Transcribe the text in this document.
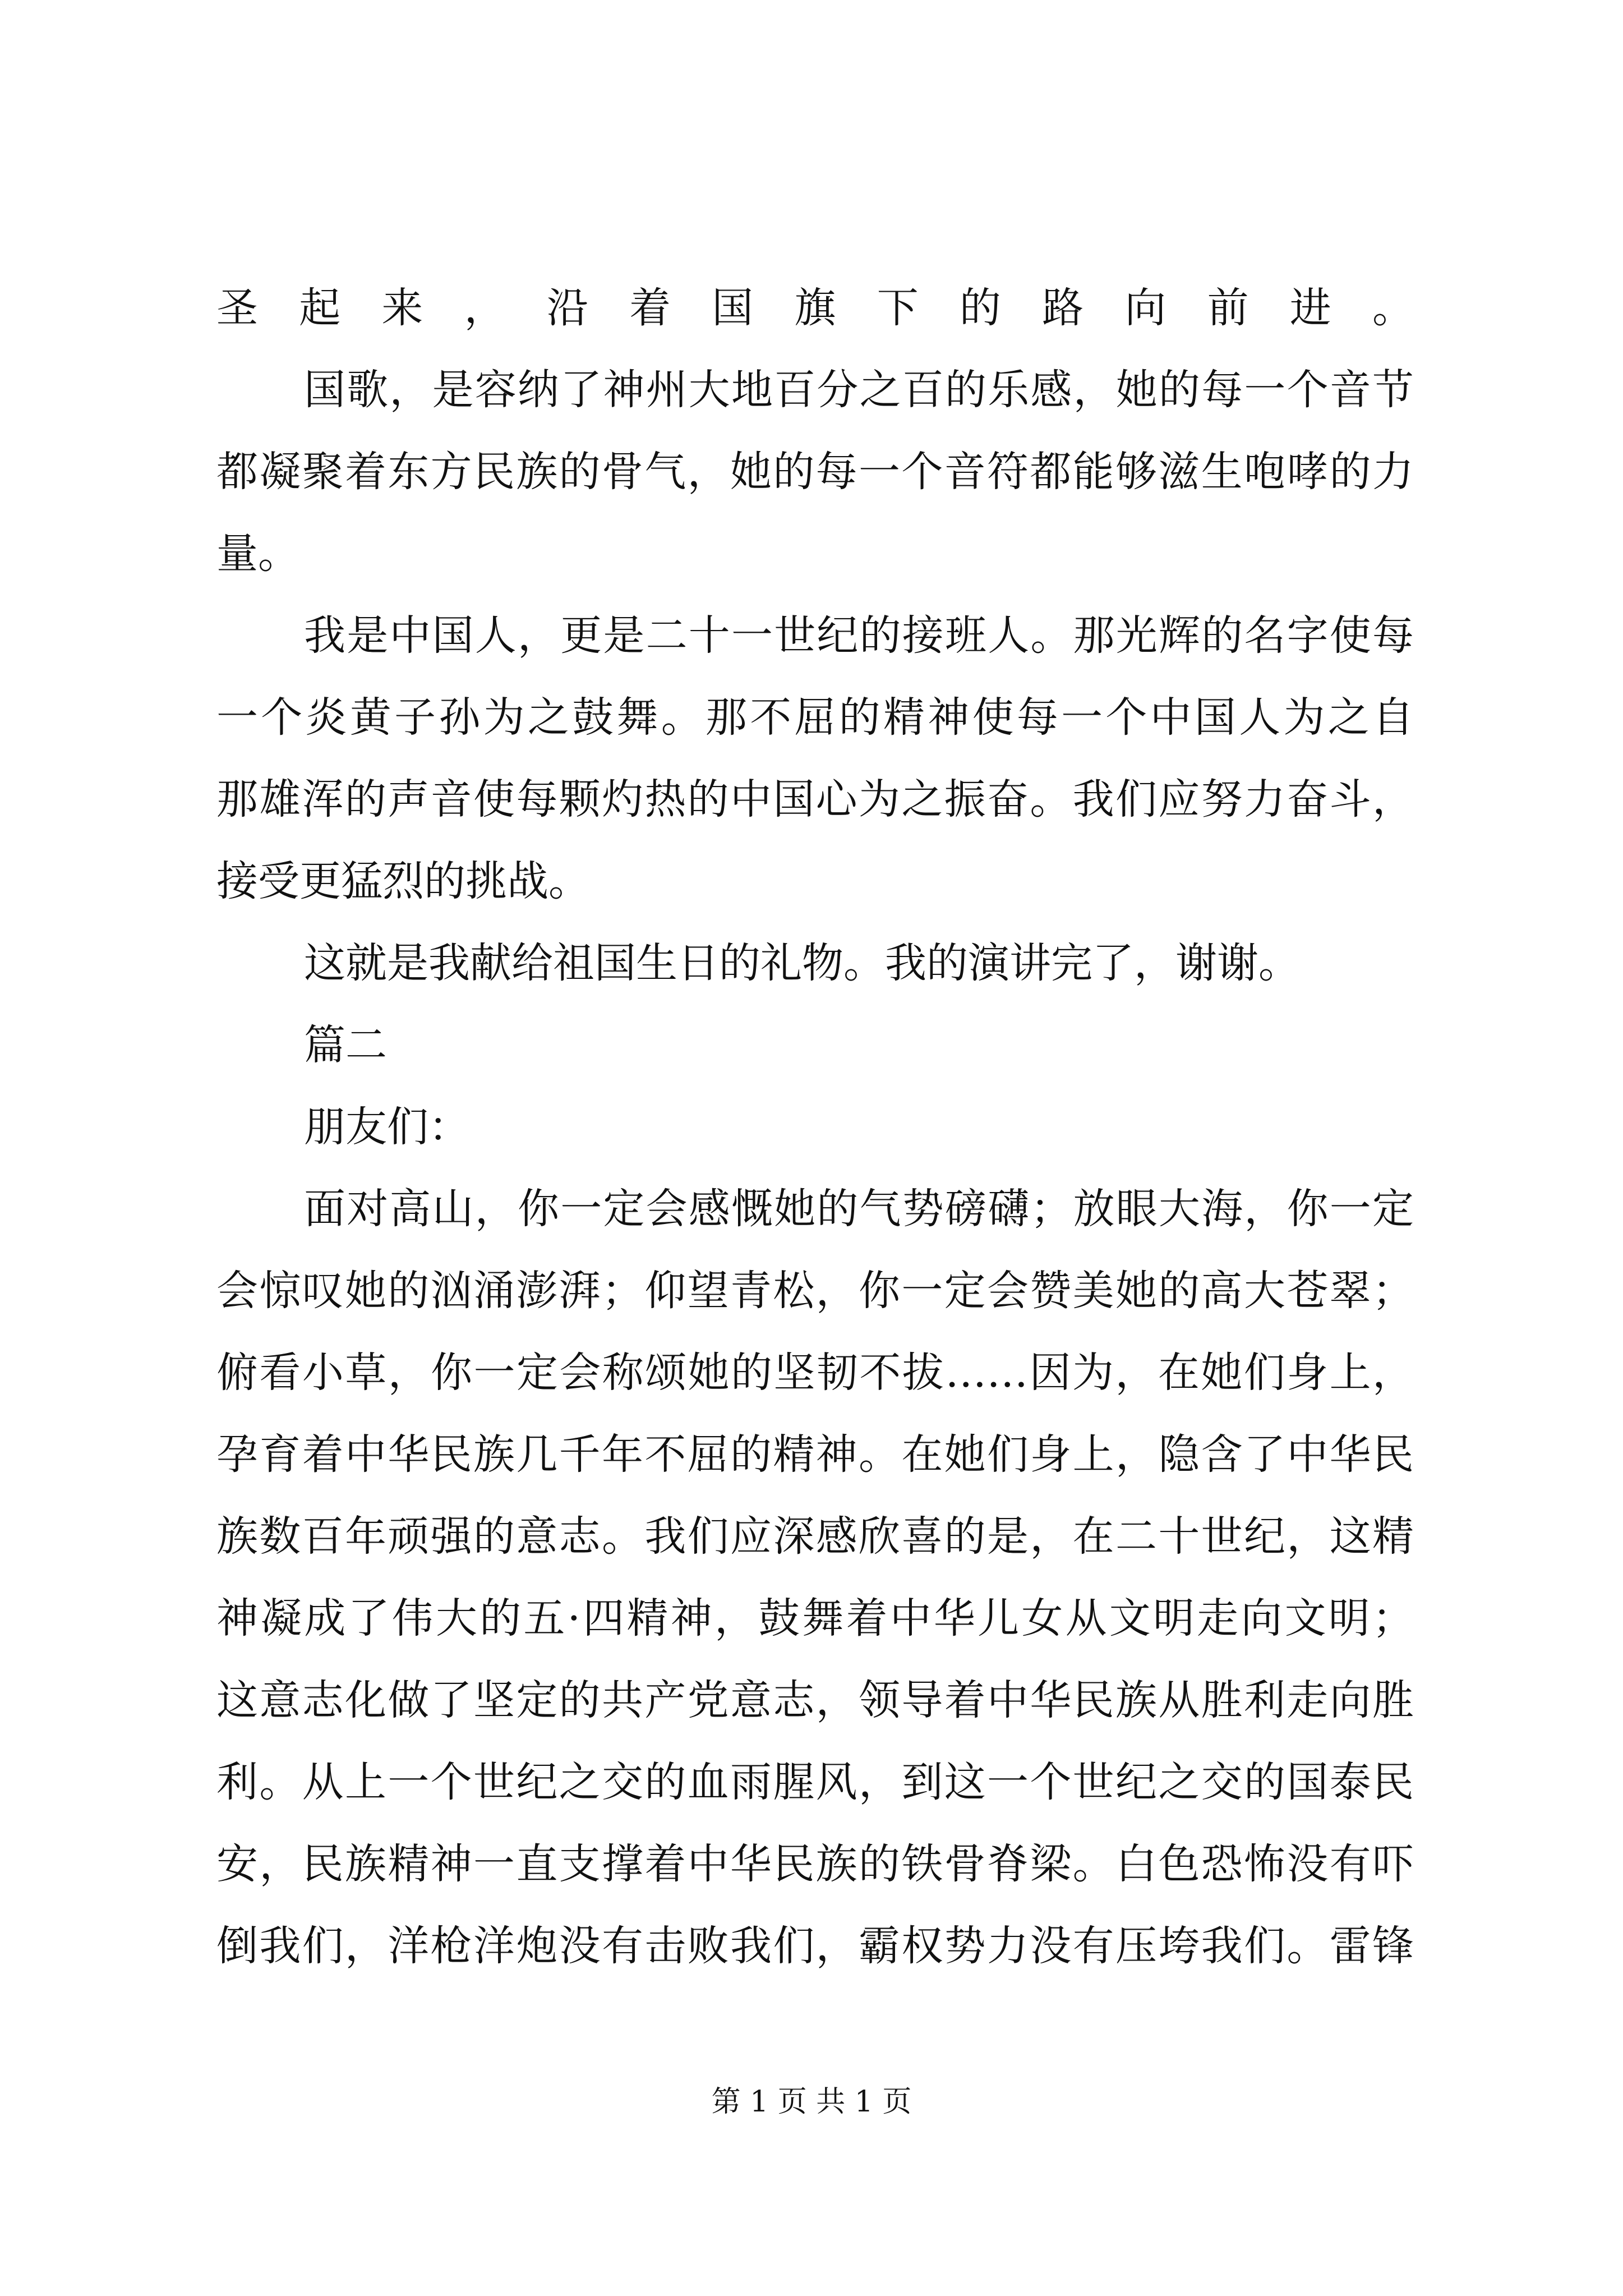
圣起来，沿着国旗下的路向前进。
国歌，是容纳了神州大地百分之百的乐感，她的每一个音节
都凝聚着东方民族的骨气，她的每一个音符都能够滋生咆哮的力
量。
我是中国人，更是二十一世纪的接班人。那光辉的名字使每
一个炎黄子孙为之鼓舞。那不屈的精神使每一个中国人为之自
那雄浑的声音使每颗灼热的中国心为之振奋。我们应努力奋斗，
接受更猛烈的挑战。
这就是我献给祖国生日的礼物。我的演讲完了，谢谢。
篇二
朋友们：
面对高山，你一定会感慨她的气势磅礴；放眼大海，你一定
会惊叹她的汹涌澎湃；仰望青松，你一定会赞美她的高大苍翠；
俯看小草，你一定会称颂她的坚韧不拔……因为，在她们身上，
孕育着中华民族几千年不屈的精神。在她们身上，隐含了中华民
族数百年顽强的意志。我们应深感欣喜的是，在二十世纪，这精
神凝成了伟大的五·四精神，鼓舞着中华儿女从文明走向文明；
这意志化做了坚定的共产党意志，领导着中华民族从胜利走向胜
利。从上一个世纪之交的血雨腥风，到这一个世纪之交的国泰民
安，民族精神一直支撑着中华民族的铁骨脊梁。白色恐怖没有吓
倒我们，洋枪洋炮没有击败我们，霸权势力没有压垮我们。雷锋
第 1 页 共 1 页
